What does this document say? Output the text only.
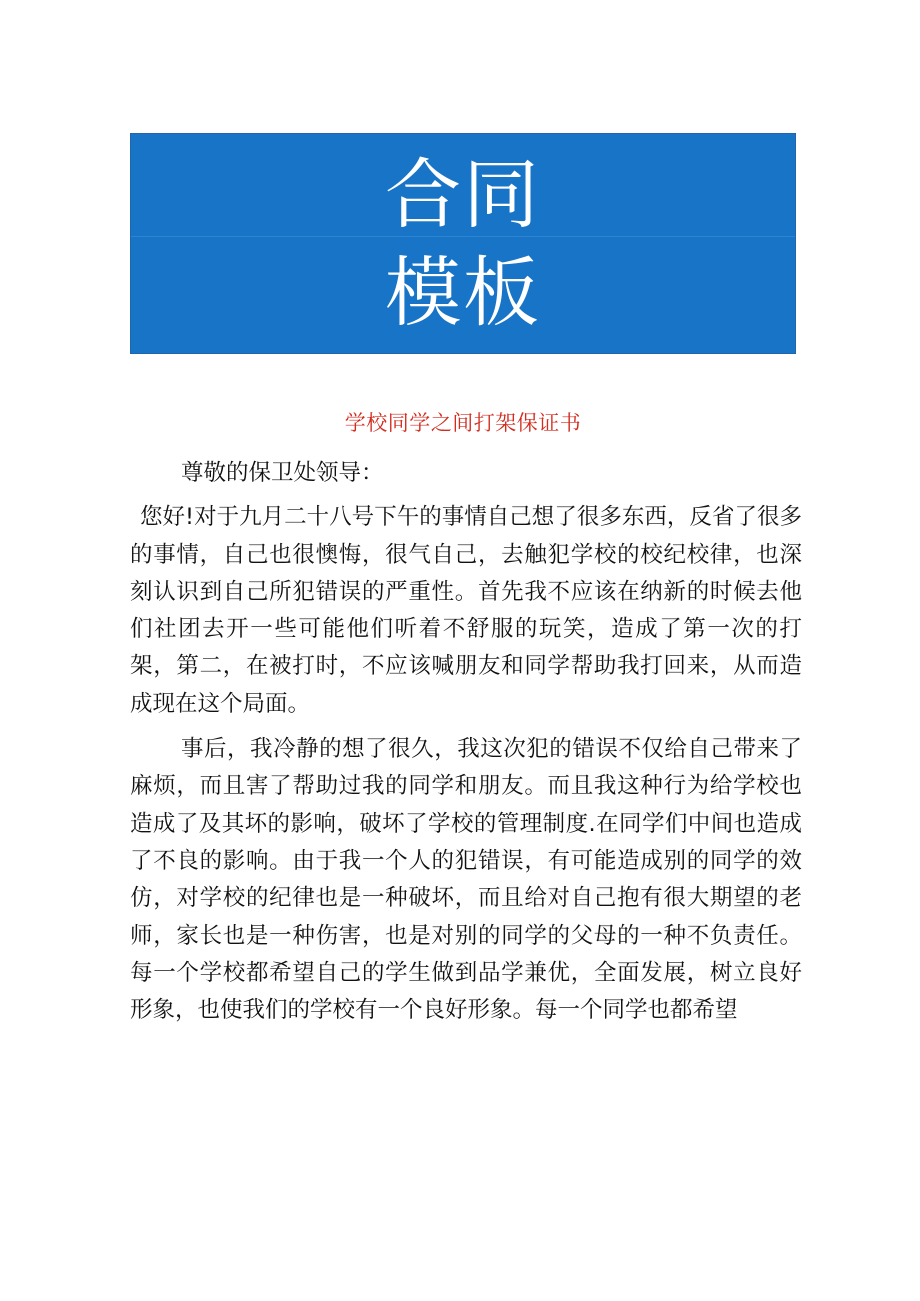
合同
模板
学校同学之间打架保证书

尊敬的保卫处领导：

您好!对于九月二十八号下午的事情自己想了很多东西，反省了很多的事情，自己也很懊悔，很气自己，去触犯学校的校纪校律，也深刻认识到自己所犯错误的严重性。首先我不应该在纳新的时候去他们社团去开一些可能他们听着不舒服的玩笑，造成了第一次的打架，第二，在被打时，不应该喊朋友和同学帮助我打回来，从而造成现在这个局面。

事后，我冷静的想了很久，我这次犯的错误不仅给自己带来了麻烦，而且害了帮助过我的同学和朋友。而且我这种行为给学校也造成了及其坏的影响，破坏了学校的管理制度.在同学们中间也造成了不良的影响。由于我一个人的犯错误，有可能造成别的同学的效仿，对学校的纪律也是一种破坏，而且给对自己抱有很大期望的老师，家长也是一种伤害，也是对别的同学的父母的一种不负责任。每一个学校都希望自己的学生做到品学兼优，全面发展，树立良好形象，也使我们的学校有一个良好形象。每一个同学也都希望
